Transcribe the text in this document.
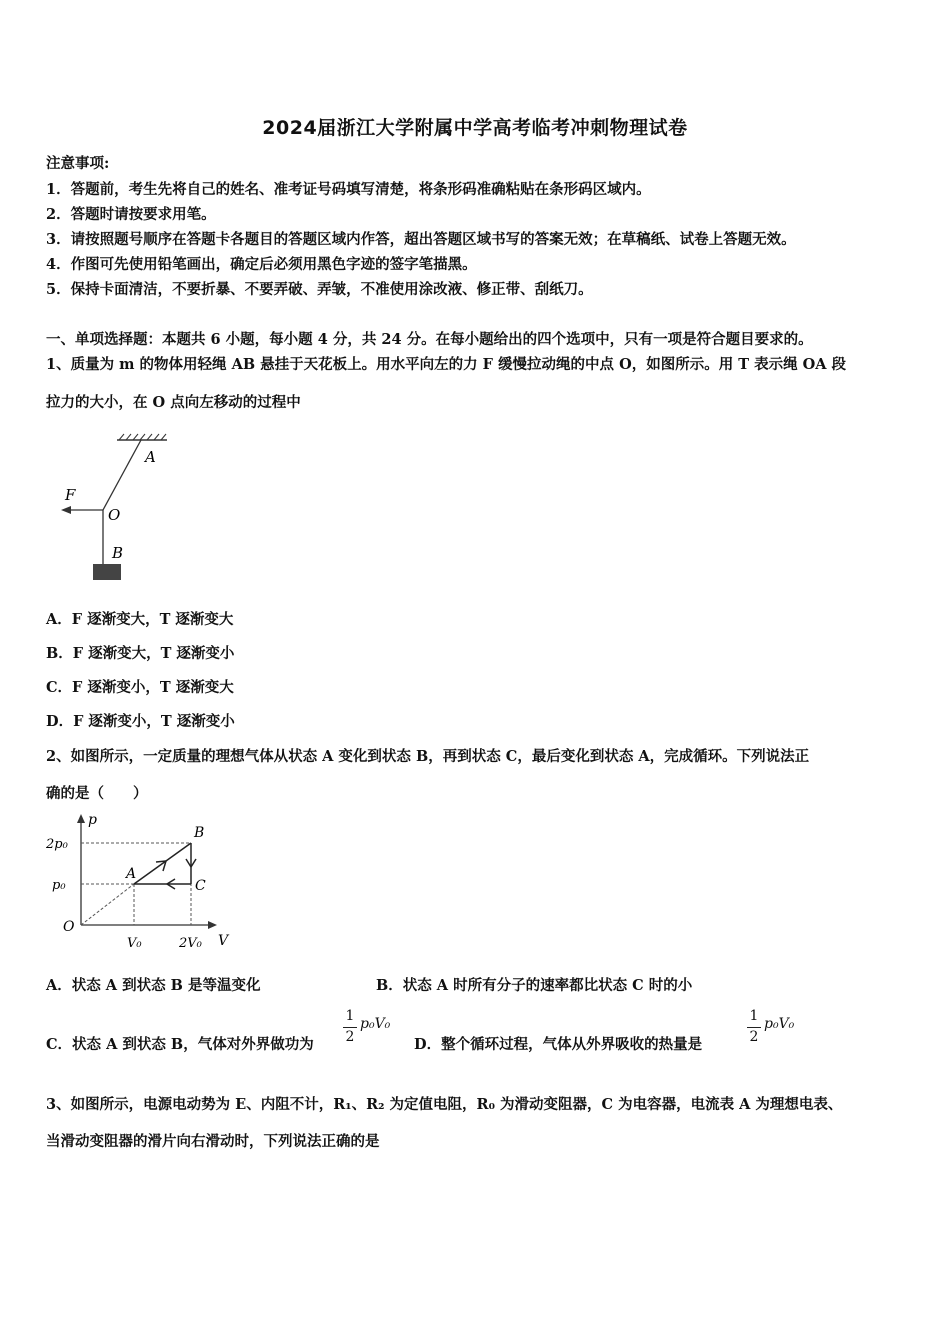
2024届浙江大学附属中学高考临考冲刺物理试卷
注意事项:
1．答题前，考生先将自己的姓名、准考证号码填写清楚，将条形码准确粘贴在条形码区域内。
2．答题时请按要求用笔。
3．请按照题号顺序在答题卡各题目的答题区域内作答，超出答题区域书写的答案无效；在草稿纸、试卷上答题无效。
4．作图可先使用铅笔画出，确定后必须用黑色字迹的签字笔描黑。
5．保持卡面清洁，不要折暴、不要弄破、弄皱，不准使用涂改液、修正带、刮纸刀。
一、单项选择题：本题共 6 小题，每小题 4 分，共 24 分。在每小题给出的四个选项中，只有一项是符合题目要求的。
1、质量为 m 的物体用轻绳 AB 悬挂于天花板上。用水平向左的力 F 缓慢拉动绳的中点 O，如图所示。用 T 表示绳 OA 段
拉力的大小，在 O 点向左移动的过程中
A
F
O
B
A．F 逐渐变大，T 逐渐变大
B．F 逐渐变大，T 逐渐变小
C．F 逐渐变小，T 逐渐变大
D．F 逐渐变小，T 逐渐变小
2、如图所示，一定质量的理想气体从状态 A 变化到状态 B，再到状态 C，最后变化到状态 A，完成循环。下列说法正
确的是（　　）
p
2p₀
p₀
O
A
B
C
V₀	2V₀ V
A．状态 A 到状态 B 是等温变化	B．状态 A 时所有分子的速率都比状态 C 时的小
C．状态 A 到状态 B，气体对外界做功为
1
2
p₀V₀
D．整个循环过程，气体从外界吸收的热量是
1
2
p₀V₀
3、如图所示，电源电动势为 E、内阻不计，R₁、R₂ 为定值电阻，R₀ 为滑动变阻器，C 为电容器，电流表 A 为理想电表、
当滑动变阻器的滑片向右滑动时，下列说法正确的是
